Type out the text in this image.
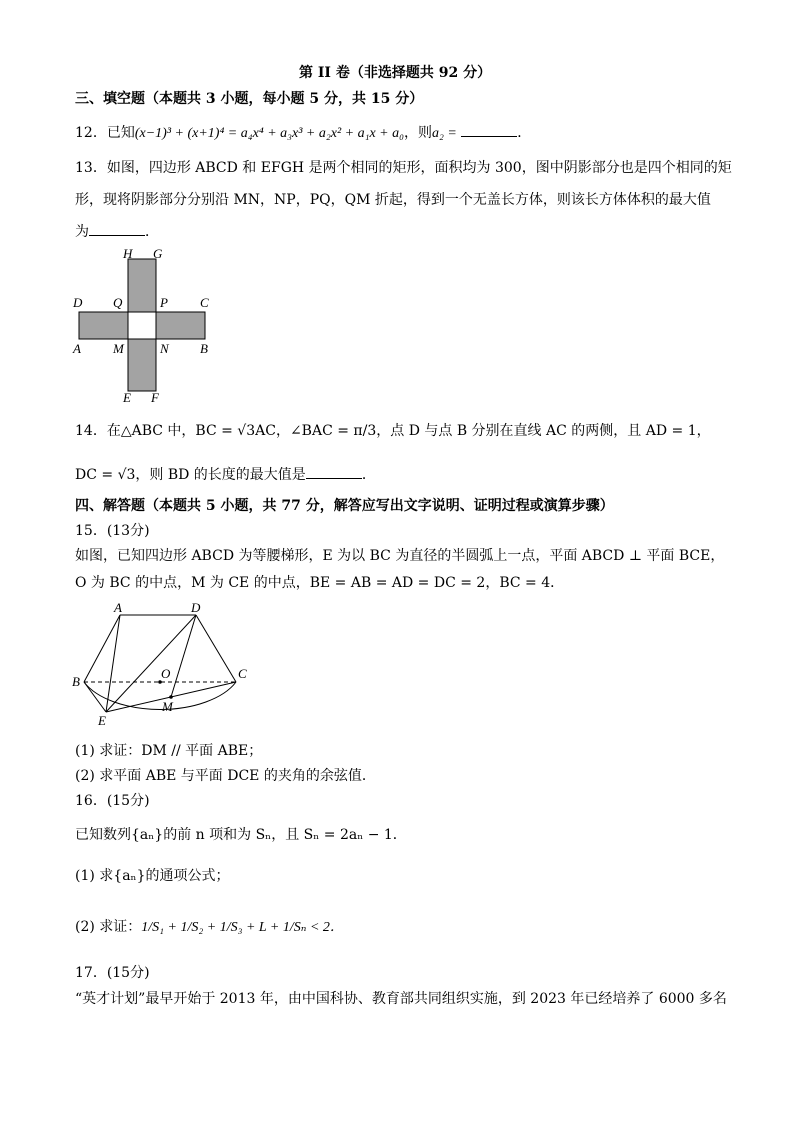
第 II 卷（非选择题共 92 分）
三、填空题（本题共 3 小题，每小题 5 分，共 15 分）
12．已知(x−1)³ + (x+1)⁴ = a₄x⁴ + a₃x³ + a₂x² + a₁x + a₀，则a₂ =	．
13．如图，四边形 ABCD 和 EFGH 是两个相同的矩形，面积均为 300，图中阴影部分也是四个相同的矩
形，现将阴影部分分别沿 MN，NP，PQ，QM 折起，得到一个无盖长方体，则该长方体体积的最大值
为	．
H G
D Q	P C
A M	N B
E F
14．在△ABC 中，BC = √3AC，∠BAC = π/3，点 D 与点 B 分别在直线 AC 的两侧，且 AD = 1，
DC = √3，则 BD 的长度的最大值是	．
四、解答题（本题共 5 小题，共 77 分，解答应写出文字说明、证明过程或演算步骤）
15．(13分)
如图，已知四边形 ABCD 为等腰梯形，E 为以 BC 为直径的半圆弧上一点，平面 ABCD ⊥ 平面 BCE，
O 为 BC 的中点，M 为 CE 的中点，BE = AB = AD = DC = 2，BC = 4．
A	D
B
O	C
M
E
(1) 求证：DM // 平面 ABE；
(2) 求平面 ABE 与平面 DCE 的夹角的余弦值．
16．(15分)
已知数列{aₙ}的前 n 项和为 Sₙ，且 Sₙ = 2aₙ − 1．
(1) 求{aₙ}的通项公式；
(2) 求证：1/S₁ + 1/S₂ + 1/S₃ + L + 1/Sₙ < 2．
17．(15分)
“英才计划”最早开始于 2013 年，由中国科协、教育部共同组织实施，到 2023 年已经培养了 6000 多名
